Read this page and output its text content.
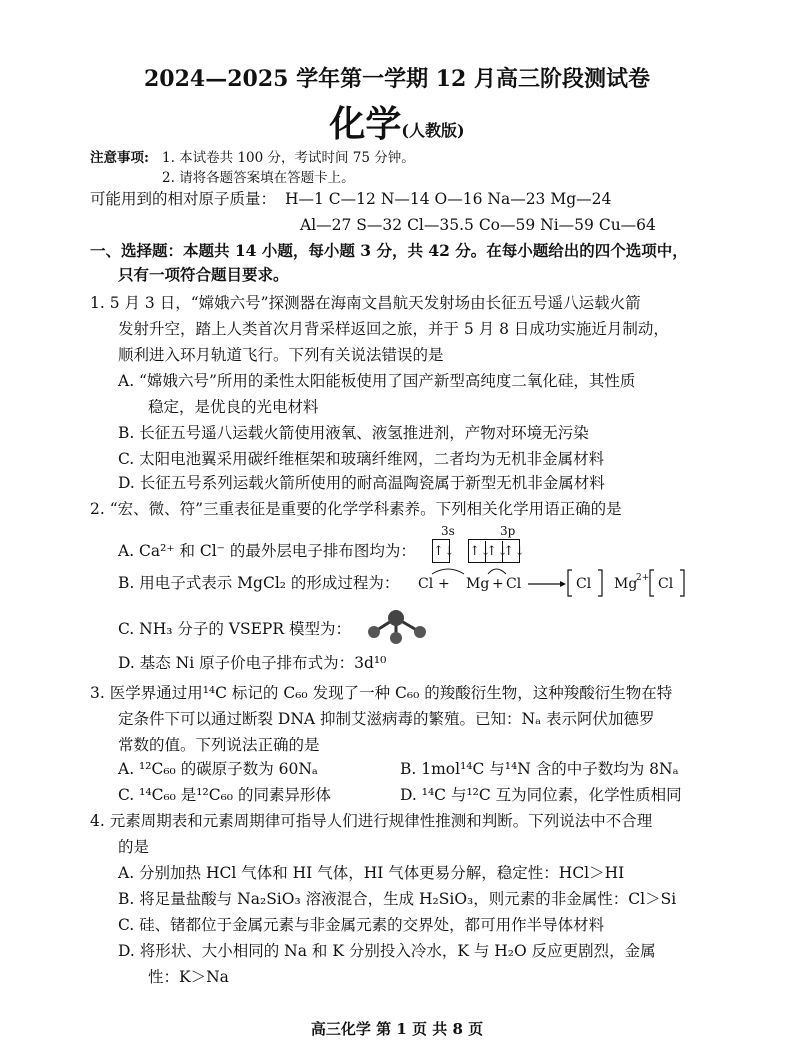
2024—2025 学年第一学期 12 月高三阶段测试卷
化学(人教版)
注意事项: 1. 本试卷共 100 分，考试时间 75 分钟。
2. 请将各题答案填在答题卡上。
可能用到的相对原子质量： H—1 C—12 N—14 O—16 Na—23 Mg—24
Al—27 S—32 Cl—35.5 Co—59 Ni—59 Cu—64
一、选择题：本题共 14 小题，每小题 3 分，共 42 分。在每小题给出的四个选项中，
只有一项符合题目要求。
1. 5 月 3 日，“嫦娥六号”探测器在海南文昌航天发射场由长征五号遥八运载火箭
发射升空，踏上人类首次月背采样返回之旅，并于 5 月 8 日成功实施近月制动，
顺利进入环月轨道飞行。下列有关说法错误的是
A. “嫦娥六号”所用的柔性太阳能板使用了国产新型高纯度二氧化硅，其性质
稳定，是优良的光电材料
B. 长征五号遥八运载火箭使用液氧、液氢推进剂，产物对环境无污染
C. 太阳电池翼采用碳纤维框架和玻璃纤维网，二者均为无机非金属材料
D. 长征五号系列运载火箭所使用的耐高温陶瓷属于新型无机非金属材料
2. “宏、微、符”三重表征是重要的化学学科素养。下列相关化学用语正确的是
3s	3p
A. Ca²⁺ 和 Cl⁻ 的最外层电子排布图均为： ↑↓ ↑↓↑↓↑↓
B. 用电子式表示 MgCl₂ 的形成过程为： Cl + Mg + Cl	Cl Mg
2+ Cl
C. NH₃ 分子的 VSEPR 模型为：
D. 基态 Ni 原子价电子排布式为：3d¹⁰
3. 医学界通过用¹⁴C 标记的 C₆₀ 发现了一种 C₆₀ 的羧酸衍生物，这种羧酸衍生物在特
定条件下可以通过断裂 DNA 抑制艾滋病毒的繁殖。已知：Nₐ 表示阿伏加德罗
常数的值。下列说法正确的是
A. ¹²C₆₀ 的碳原子数为 60Nₐ	B. 1mol¹⁴C 与¹⁴N 含的中子数均为 8Nₐ
C. ¹⁴C₆₀ 是¹²C₆₀ 的同素异形体	D. ¹⁴C 与¹²C 互为同位素，化学性质相同
4. 元素周期表和元素周期律可指导人们进行规律性推测和判断。下列说法中不合理
的是
A. 分别加热 HCl 气体和 HI 气体，HI 气体更易分解，稳定性：HCl＞HI
B. 将足量盐酸与 Na₂SiO₃ 溶液混合，生成 H₂SiO₃，则元素的非金属性：Cl＞Si
C. 硅、锗都位于金属元素与非金属元素的交界处，都可用作半导体材料
D. 将形状、大小相同的 Na 和 K 分别投入冷水，K 与 H₂O 反应更剧烈，金属
性：K＞Na
高三化学 第 1 页 共 8 页
